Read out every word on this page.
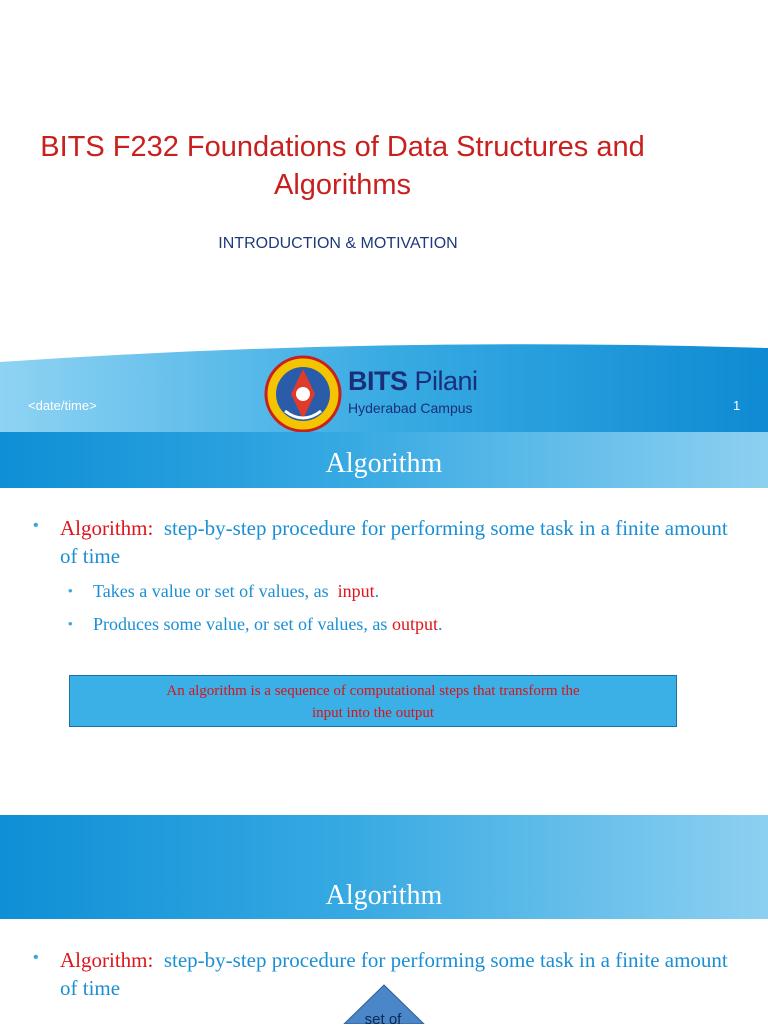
BITS F232 Foundations of Data Structures and
Algorithms
INTRODUCTION & MOTIVATION
<date/time>	1
BITS Pilani
Hyderabad Campus
Algorithm
• Algorithm: step-by-step procedure for performing some task in a finite amount of time
• Takes a value or set of values, as input.
• Produces some value, or set of values, as output.
An algorithm is a sequence of computational steps that transform the
input into the output
Algorithm
• Algorithm: step-by-step procedure for performing some task in a finite amount of time
set of
